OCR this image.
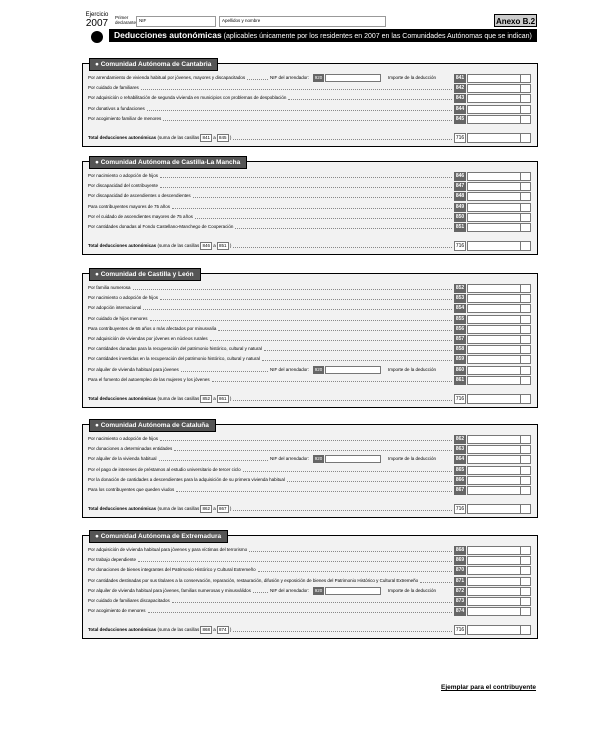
Ejercicio
2007
Primer declarante NIF	Apellidos y nombre	Anexo B.2
Deducciones autonómicas (aplicables únicamente por los residentes en 2007 en las Comunidades Autónomas que se indican)
● Comunidad Autónoma de Cantabria
Por arrendamiento de vivienda habitual por jóvenes, mayores y discapacitados	NIF del arrendador:	920	Importe de la deducción	841
Por cuidado de familiares	842
Por adquisición o rehabilitación de segunda vivienda en municipios con problemas de despoblación	843
Por donativos a fundaciones	844
Por acogimiento familiar de menores	845
Total deducciones autonómicas (suma de las casillas 841 a 845 )	716
● Comunidad Autónoma de Castilla-La Mancha
Por nacimiento o adopción de hijos	846
Por discapacidad del contribuyente	847
Por discapacidad de ascendientes o descendientes	848
Para contribuyentes mayores de 75 años	849
Por el cuidado de ascendientes mayores de 75 años	850
Por cantidades donadas al Fondo Castellano-Manchego de Cooperación	851
Total deducciones autonómicas (suma de las casillas 846 a 851 )	716
● Comunidad de Castilla y León
Por familia numerosa	852
Por nacimiento o adopción de hijos	853
Por adopción internacional	854
Por cuidado de hijos menores	855
Para contribuyentes de 65 años o más afectados por minusvalía	856
Por adquisición de viviendas por jóvenes en núcleos rurales	857
Por cantidades donadas para la recuperación del patrimonio histórico, cultural y natural	858
Por cantidades invertidas en la recuperación del patrimonio histórico, cultural y natural	859
Por alquiler de vivienda habitual para jóvenes	NIF del arrendador:	920	Importe de la deducción	860
Para el fomento del autoempleo de las mujeres y los jóvenes	861
Total deducciones autonómicas (suma de las casillas 852 a 861 )	716
● Comunidad Autónoma de Cataluña
Por nacimiento o adopción de hijos	862
Por donaciones a determinadas entidades	863
Por alquiler de la vivienda habitual	NIF del arrendador:	920	Importe de la deducción	864
Por el pago de intereses de préstamos al estudio universitario de tercer ciclo	865
Por la donación de cantidades a descendientes para la adquisición de su primera vivienda habitual	866
Para los contribuyentes que queden viudos	867
Total deducciones autonómicas (suma de las casillas 862 a 867 )	716
● Comunidad Autónoma de Extremadura
Por adquisición de vivienda habitual para jóvenes y para víctimas del terrorismo	868
Por trabajo dependiente	869
Por donaciones de bienes integrantes del Patrimonio Histórico y Cultural Extremeño	870
Por cantidades destinadas por sus titulares a la conservación, reparación, restauración, difusión y exposición de bienes del Patrimonio Histórico y Cultural Extremeño	871
Por alquiler de vivienda habitual para jóvenes, familias numerosas y minusválidos	NIF del arrendador:	920	Importe de la deducción	872
Por cuidado de familiares discapacitados	873
Por acogimiento de menores	874
Total deducciones autonómicas (suma de las casillas 868 a 874 )	716
Ejemplar para el contribuyente
